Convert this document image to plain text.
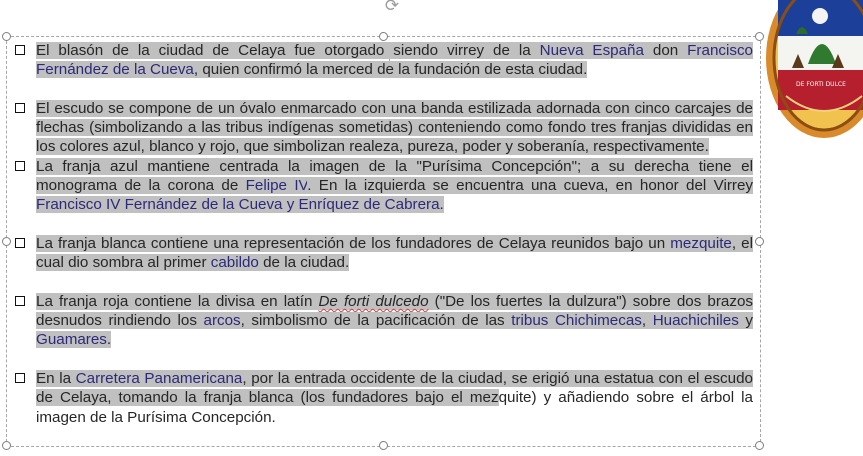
⟳
El blasón de la ciudad de Celaya fue otorgado siendo virrey de la Nueva España don Francisco Fernández de la Cueva, quien confirmó la merced de la fundación de esta ciudad.
El escudo se compone de un óvalo enmarcado con una banda estilizada adornada con cinco carcajes de flechas (simbolizando a las tribus indígenas sometidas) conteniendo como fondo tres franjas divididas en los colores azul, blanco y rojo, que simbolizan realeza, pureza, poder y soberanía, respectivamente.
La franja azul mantiene centrada la imagen de la "Purísima Concepción"; a su derecha tiene el monograma de la corona de Felipe IV. En la izquierda se encuentra una cueva, en honor del Virrey Francisco IV Fernández de la Cueva y Enríquez de Cabrera.
La franja blanca contiene una representación de los fundadores de Celaya reunidos bajo un mezquite, el cual dio sombra al primer cabildo de la ciudad.
La franja roja contiene la divisa en latín De forti dulcedo ("De los fuertes la dulzura") sobre dos brazos desnudos rindiendo los arcos, simbolismo de la pacificación de las tribus Chichimecas, Huachichiles y Guamares.
En la Carretera Panamericana, por la entrada occidente de la ciudad, se erigió una estatua con el escudo de Celaya, tomando la franja blanca (los fundadores bajo el mezquite) y añadiendo sobre el árbol la imagen de la Purísima Concepción.
DE FORTI DULCE
